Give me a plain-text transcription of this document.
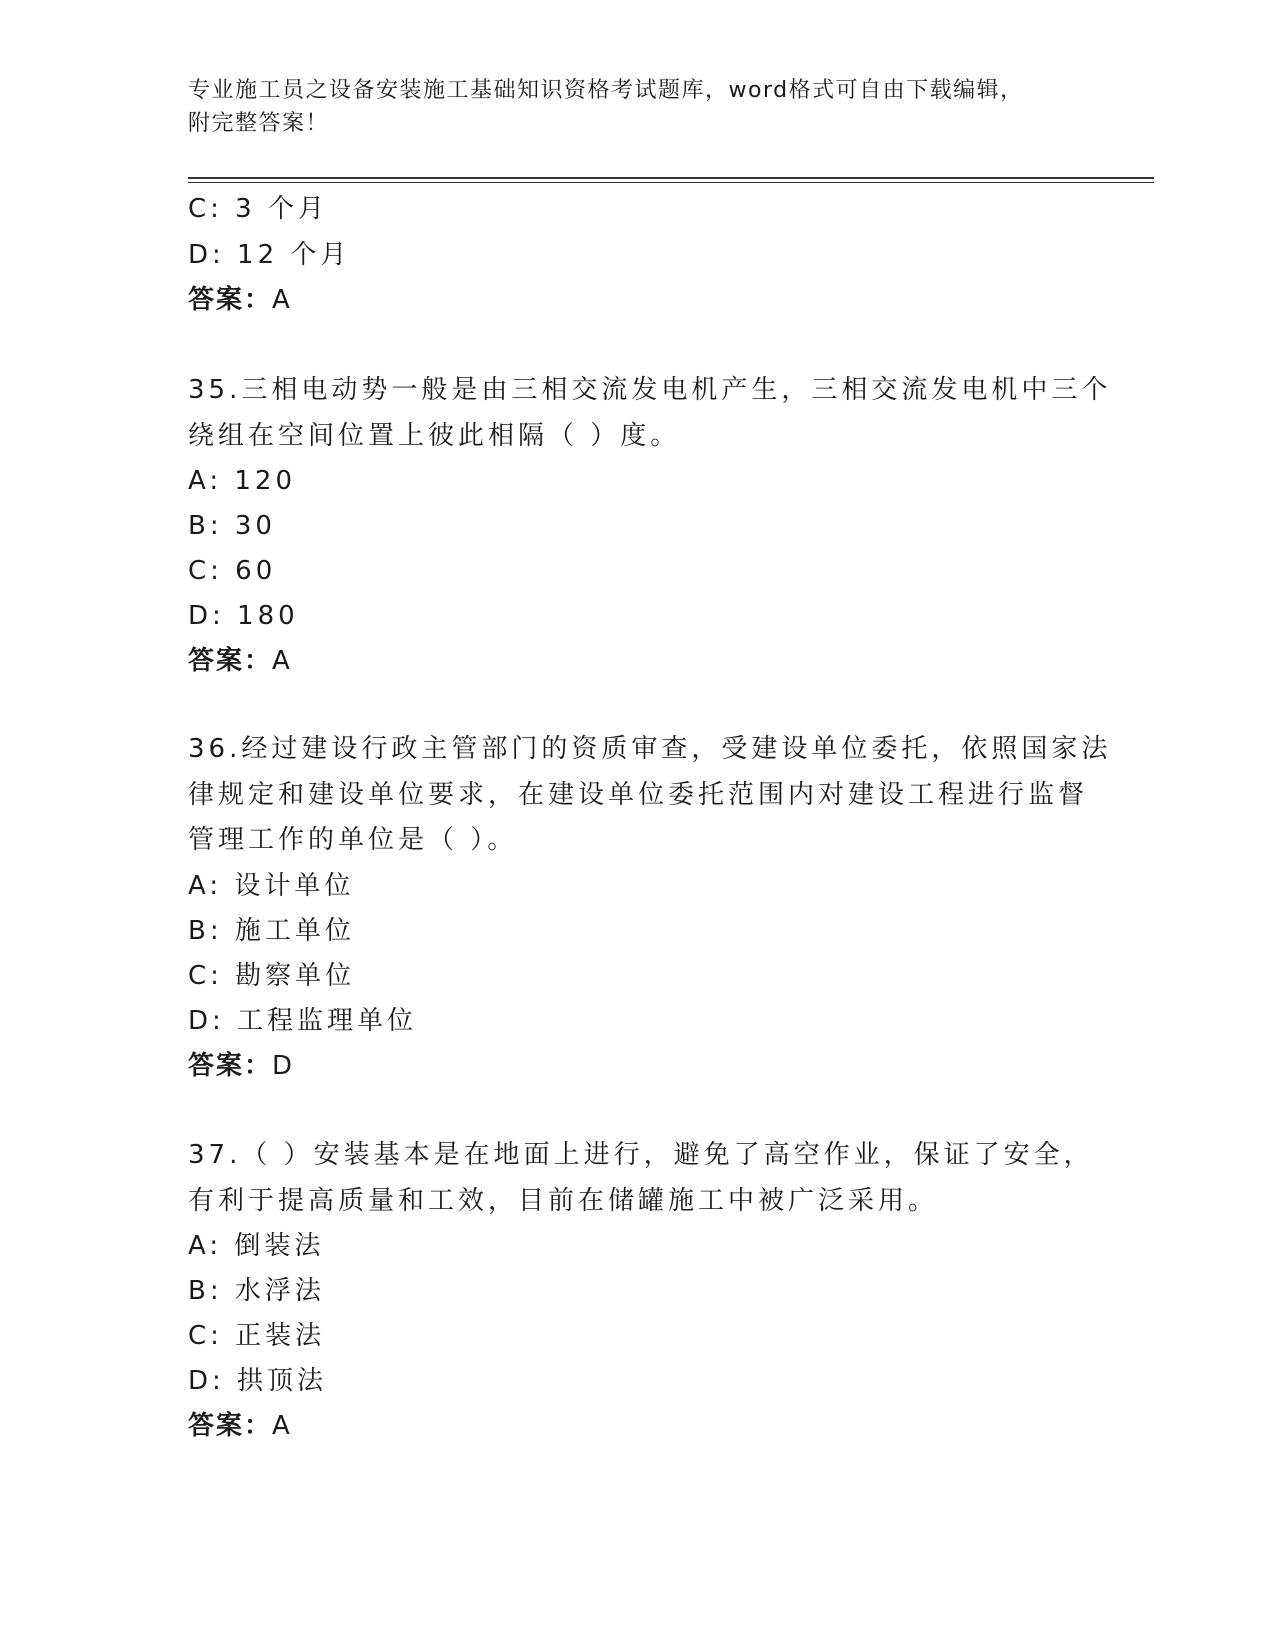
专业施工员之设备安装施工基础知识资格考试题库，word格式可自由下载编辑，
附完整答案！
C: 3 个月
D: 12 个月
答案：A
35.三相电动势一般是由三相交流发电机产生，三相交流发电机中三个
绕组在空间位置上彼此相隔（ ）度。
A: 120
B: 30
C: 60
D: 180
答案：A
36.经过建设行政主管部门的资质审查，受建设单位委托，依照国家法
律规定和建设单位要求，在建设单位委托范围内对建设工程进行监督
管理工作的单位是（ ）。
A: 设计单位
B: 施工单位
C: 勘察单位
D: 工程监理单位
答案：D
37.（ ）安装基本是在地面上进行，避免了高空作业，保证了安全，
有利于提高质量和工效，目前在储罐施工中被广泛采用。
A: 倒装法
B: 水浮法
C: 正装法
D: 拱顶法
答案：A
